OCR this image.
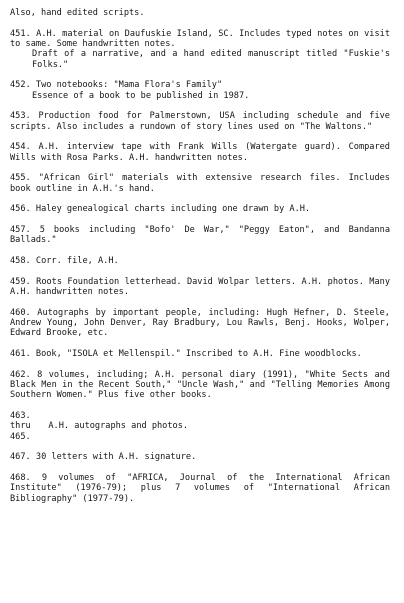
Also, hand edited scripts.

451. A.H. material on Daufuskie Island, SC. Includes typed notes on visit to same. Some handwritten notes.
Draft of a narrative, and a hand edited manuscript titled "Fuskie's Folks."

452. Two notebooks: "Mama Flora's Family"
Essence of a book to be published in 1987.

453. Production food for Palmerstown, USA including schedule and five scripts. Also includes a rundown of story lines used on "The Waltons."

454. A.H. interview tape with Frank Wills (Watergate guard). Compared Wills with Rosa Parks. A.H. handwritten notes.

455. "African Girl" materials with extensive research files. Includes book outline in A.H.'s hand.

456. Haley genealogical charts including one drawn by A.H.

457. 5 books including "Bofo' De War," "Peggy Eaton", and Bandanna Ballads."

458. Corr. file, A.H.

459. Roots Foundation letterhead. David Wolpar letters. A.H. photos. Many A.H. handwritten notes.

460. Autographs by important people, including: Hugh Hefner, D. Steele, Andrew Young, John Denver, Ray Bradbury, Lou Rawls, Benj. Hooks, Wolper, Edward Brooke, etc.

461. Book, "ISOLA et Mellenspil." Inscribed to A.H. Fine woodblocks.

462. 8 volumes, including; A.H. personal diary (1991), "White Sects and Black Men in the Recent South," "Uncle Wash," and "Telling Memories Among Southern Women." Plus five other books.

463.
thru A.H. autographs and photos.
465.

467. 30 letters with A.H. signature.

468. 9 volumes of "AFRICA, Journal of the International African Institute" (1976-79); plus 7 volumes of "International African Bibliography" (1977-79).
